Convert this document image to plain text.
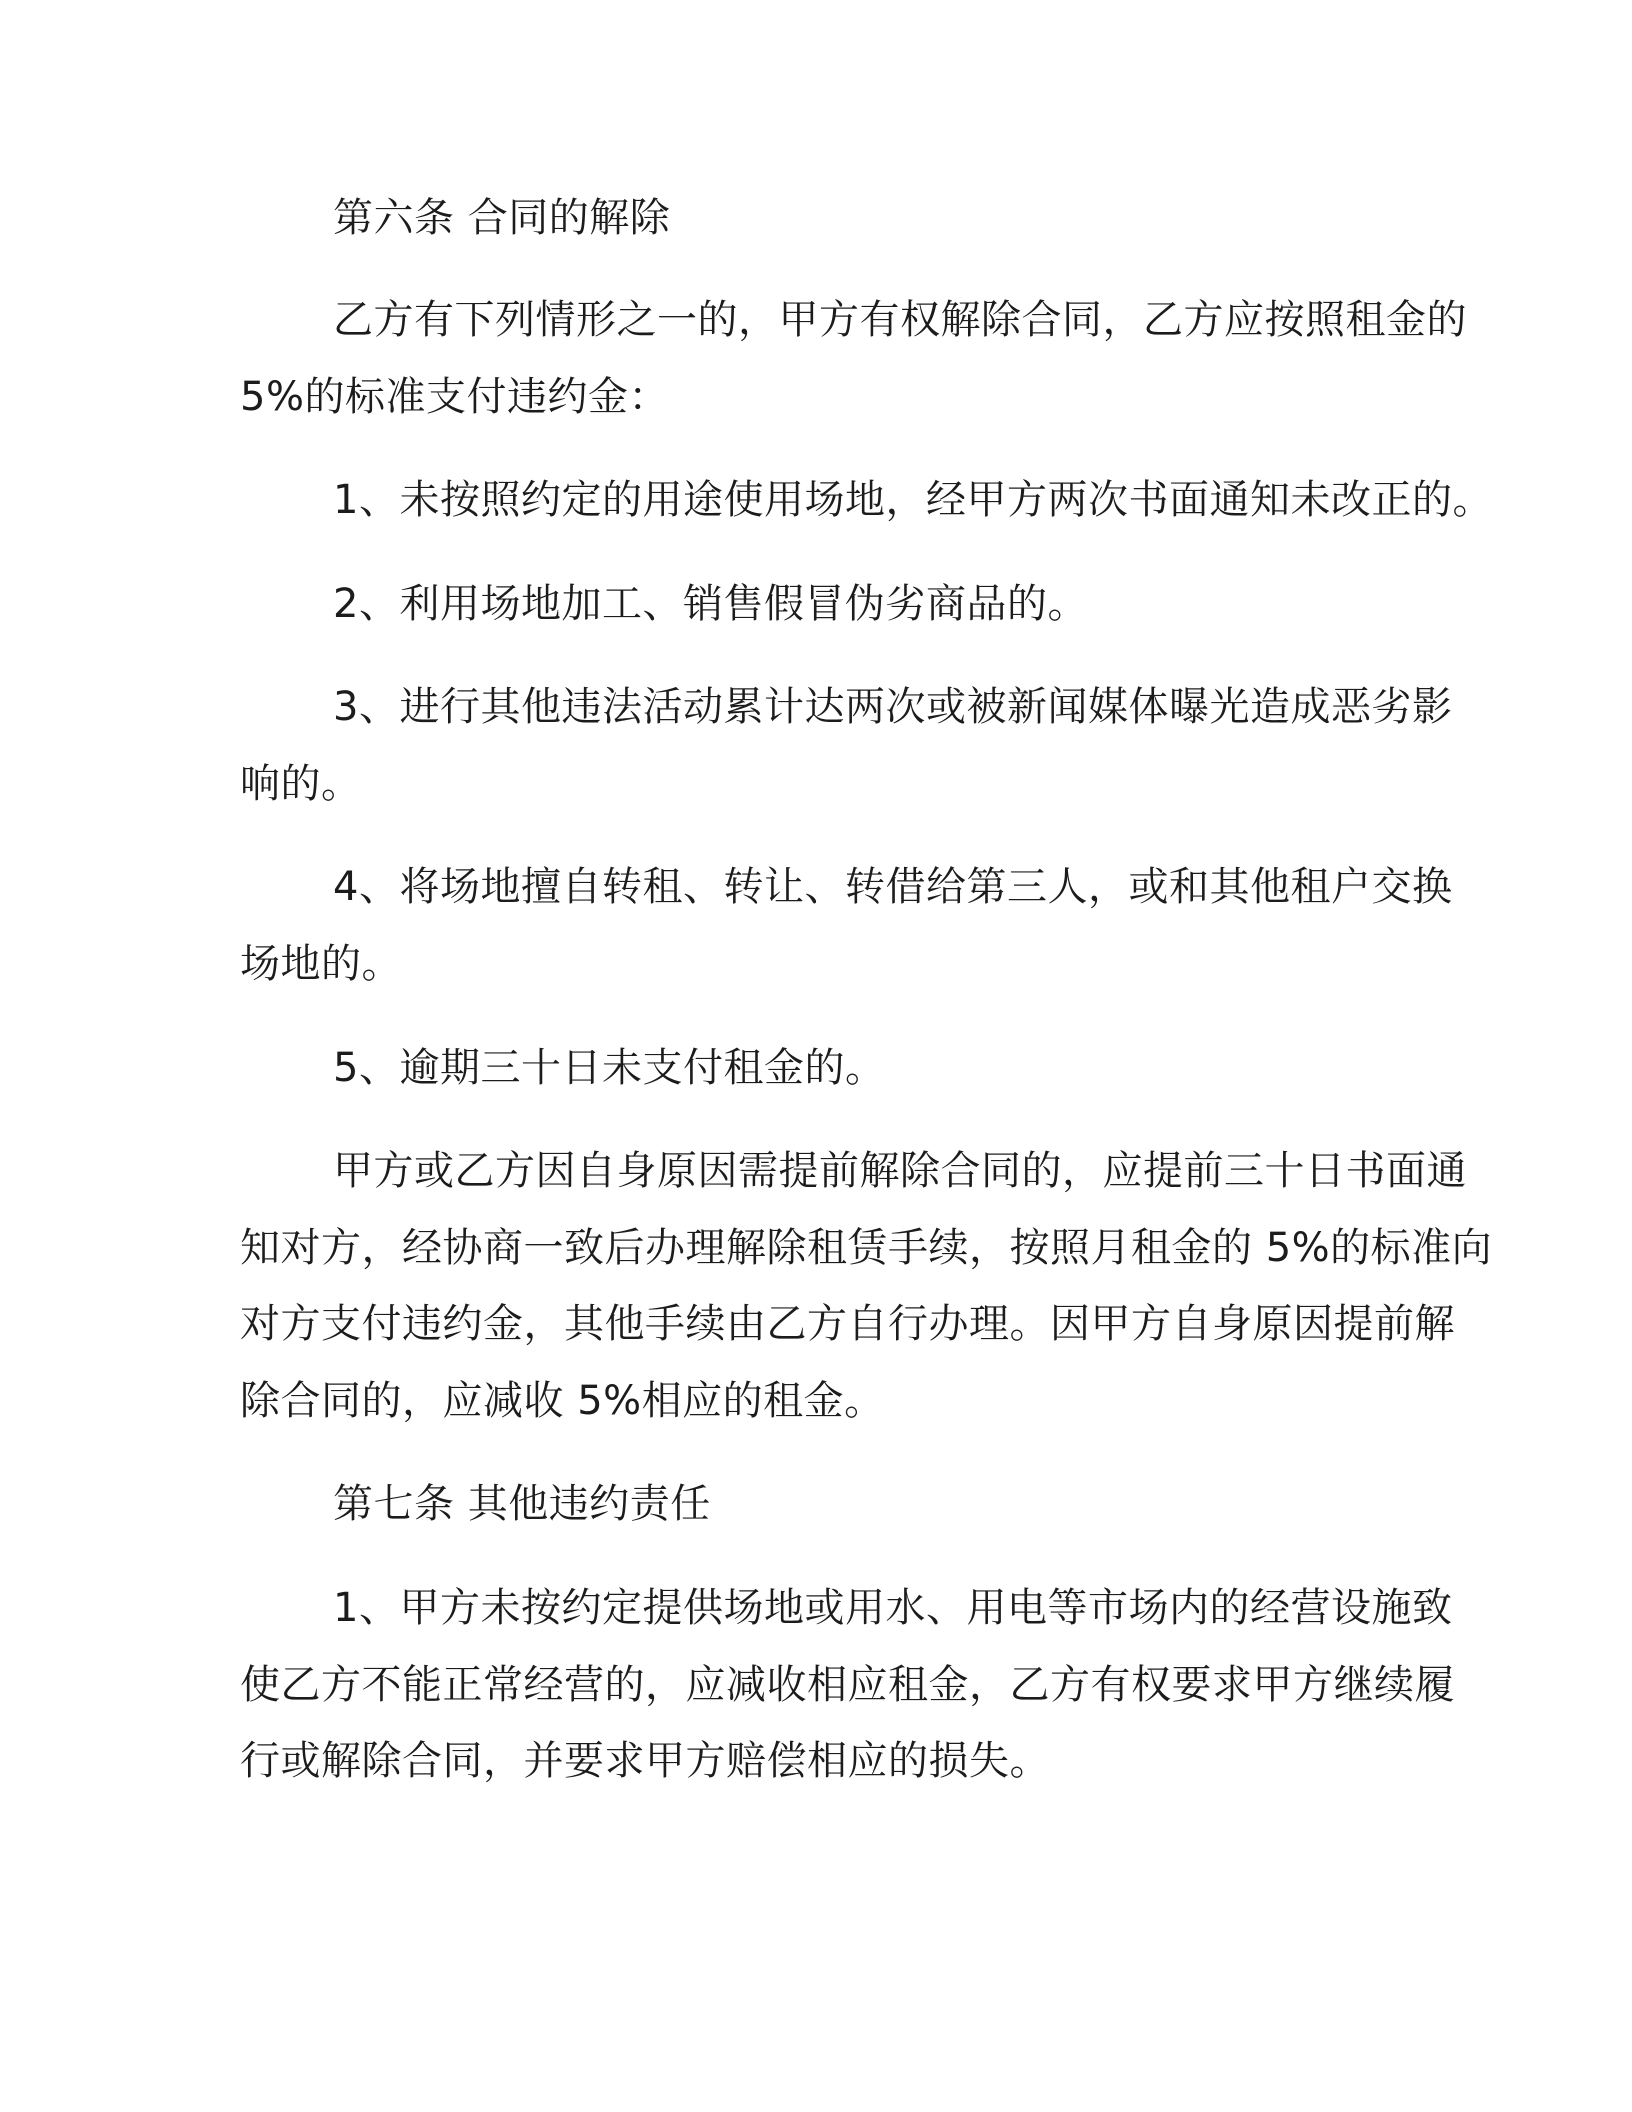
第六条 合同的解除

乙方有下列情形之一的，甲方有权解除合同，乙方应按照租金的

5%的标准支付违约金：

1、未按照约定的用途使用场地，经甲方两次书面通知未改正的。

2、利用场地加工、销售假冒伪劣商品的。

3、进行其他违法活动累计达两次或被新闻媒体曝光造成恶劣影

响的。

4、将场地擅自转租、转让、转借给第三人，或和其他租户交换

场地的。

5、逾期三十日未支付租金的。

甲方或乙方因自身原因需提前解除合同的，应提前三十日书面通

知对方，经协商一致后办理解除租赁手续，按照月租金的 5%的标准向

对方支付违约金，其他手续由乙方自行办理。因甲方自身原因提前解

除合同的，应减收 5%相应的租金。

第七条 其他违约责任

1、甲方未按约定提供场地或用水、用电等市场内的经营设施致

使乙方不能正常经营的，应减收相应租金，乙方有权要求甲方继续履

行或解除合同，并要求甲方赔偿相应的损失。
